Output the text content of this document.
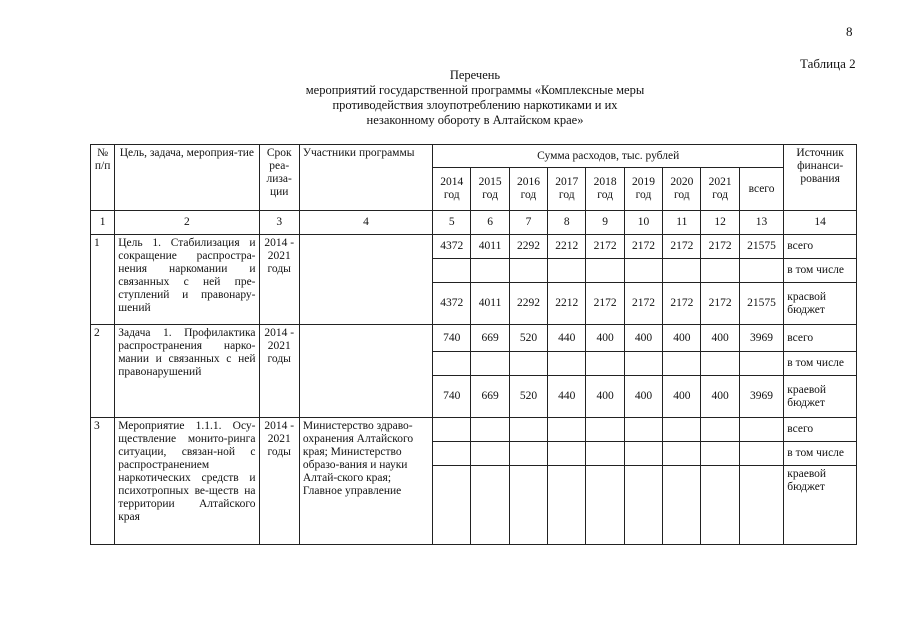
8
Таблица 2
Перечень
мероприятий государственной программы «Комплексные меры
противодействия злоупотреблению наркотиками и их
незаконному обороту в Алтайском крае»
№ п/п	Цель, задача, мероприя-тие	Срок реа-лиза-ции	Участники программы	Сумма расходов, тыс. рублей									Источник финанси-рования
				2014 год	2015 год	2016 год	2017 год	2018 год	2019 год	2020 год	2021 год	всего	
1	2	3	4	5	6	7	8	9	10	11	12	13	14
1	Цель 1. Стабилизация и сокращение распростра-нения наркомании и связанных с ней пре-ступлений и правонару-шений	2014 - 2021 годы		4372	4011	2292	2212	2172	2172	2172	2172	21575	всего
													в том числе
				4372	4011	2292	2212	2172	2172	2172	2172	21575	красвой бюджет
2	Задача 1. Профилактика распространения нарко-мании и связанных с ней правонарушений	2014 - 2021 годы		740	669	520	440	400	400	400	400	3969	всего
													в том числе
				740	669	520	440	400	400	400	400	3969	краевой бюджет
3	Мероприятие 1.1.1. Осу-ществление монито-ринга ситуации, связан-ной с распространением наркотических средств и психотропных ве-ществ на территории Алтайского края	2014 - 2021 годы	Министерство здраво-охранения Алтайского края; Министерство образо-вания и науки Алтай-ского края; Главное управление										всего
													в том числе
													краевой бюджет
